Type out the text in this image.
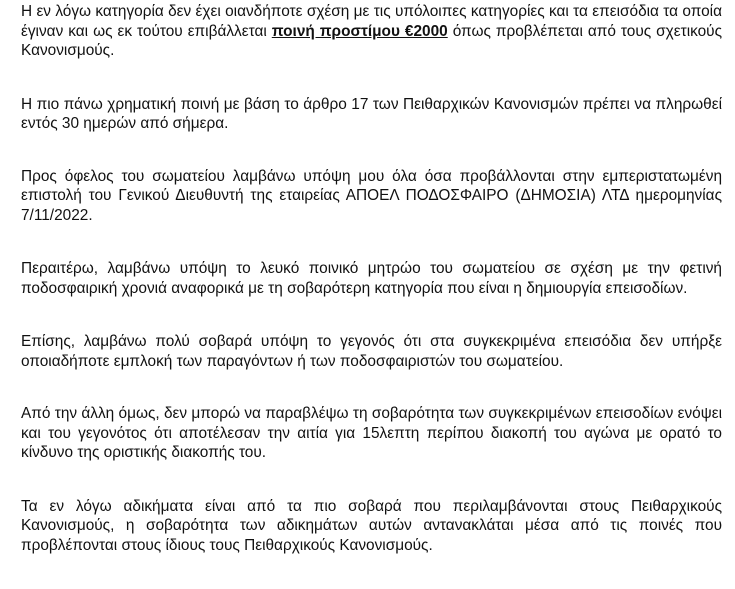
Η εν λόγω κατηγορία δεν έχει οιανδήποτε σχέση με τις υπόλοιπες κατηγορίες και τα επεισόδια τα οποία έγιναν και ως εκ τούτου επιβάλλεται ποινή προστίμου €2000 όπως προβλέπεται από τους σχετικούς Κανονισμούς.

Η πιο πάνω χρηματική ποινή με βάση το άρθρο 17 των Πειθαρχικών Κανονισμών πρέπει να πληρωθεί εντός 30 ημερών από σήμερα.

Προς όφελος του σωματείου λαμβάνω υπόψη μου όλα όσα προβάλλονται στην εμπεριστατωμένη επιστολή του Γενικού Διευθυντή της εταιρείας ΑΠΟΕΛ ΠΟΔΟΣΦΑΙΡΟ (ΔΗΜΟΣΙΑ) ΛΤΔ ημερομηνίας 7/11/2022.

Περαιτέρω, λαμβάνω υπόψη το λευκό ποινικό μητρώο του σωματείου σε σχέση με την φετινή ποδοσφαιρική χρονιά αναφορικά με τη σοβαρότερη κατηγορία που είναι η δημιουργία επεισοδίων.

Επίσης, λαμβάνω πολύ σοβαρά υπόψη το γεγονός ότι στα συγκεκριμένα επεισόδια δεν υπήρξε οποιαδήποτε εμπλοκή των παραγόντων ή των ποδοσφαιριστών του σωματείου.

Από την άλλη όμως, δεν μπορώ να παραβλέψω τη σοβαρότητα των συγκεκριμένων επεισοδίων ενόψει και του γεγονότος ότι αποτέλεσαν την αιτία για 15λεπτη περίπου διακοπή του αγώνα με ορατό το κίνδυνο της οριστικής διακοπής του.

Τα εν λόγω αδικήματα είναι από τα πιο σοβαρά που περιλαμβάνονται στους Πειθαρχικούς Κανονισμούς, η σοβαρότητα των αδικημάτων αυτών αντανακλάται μέσα από τις ποινές που προβλέπονται στους ίδιους τους Πειθαρχικούς Κανονισμούς.
